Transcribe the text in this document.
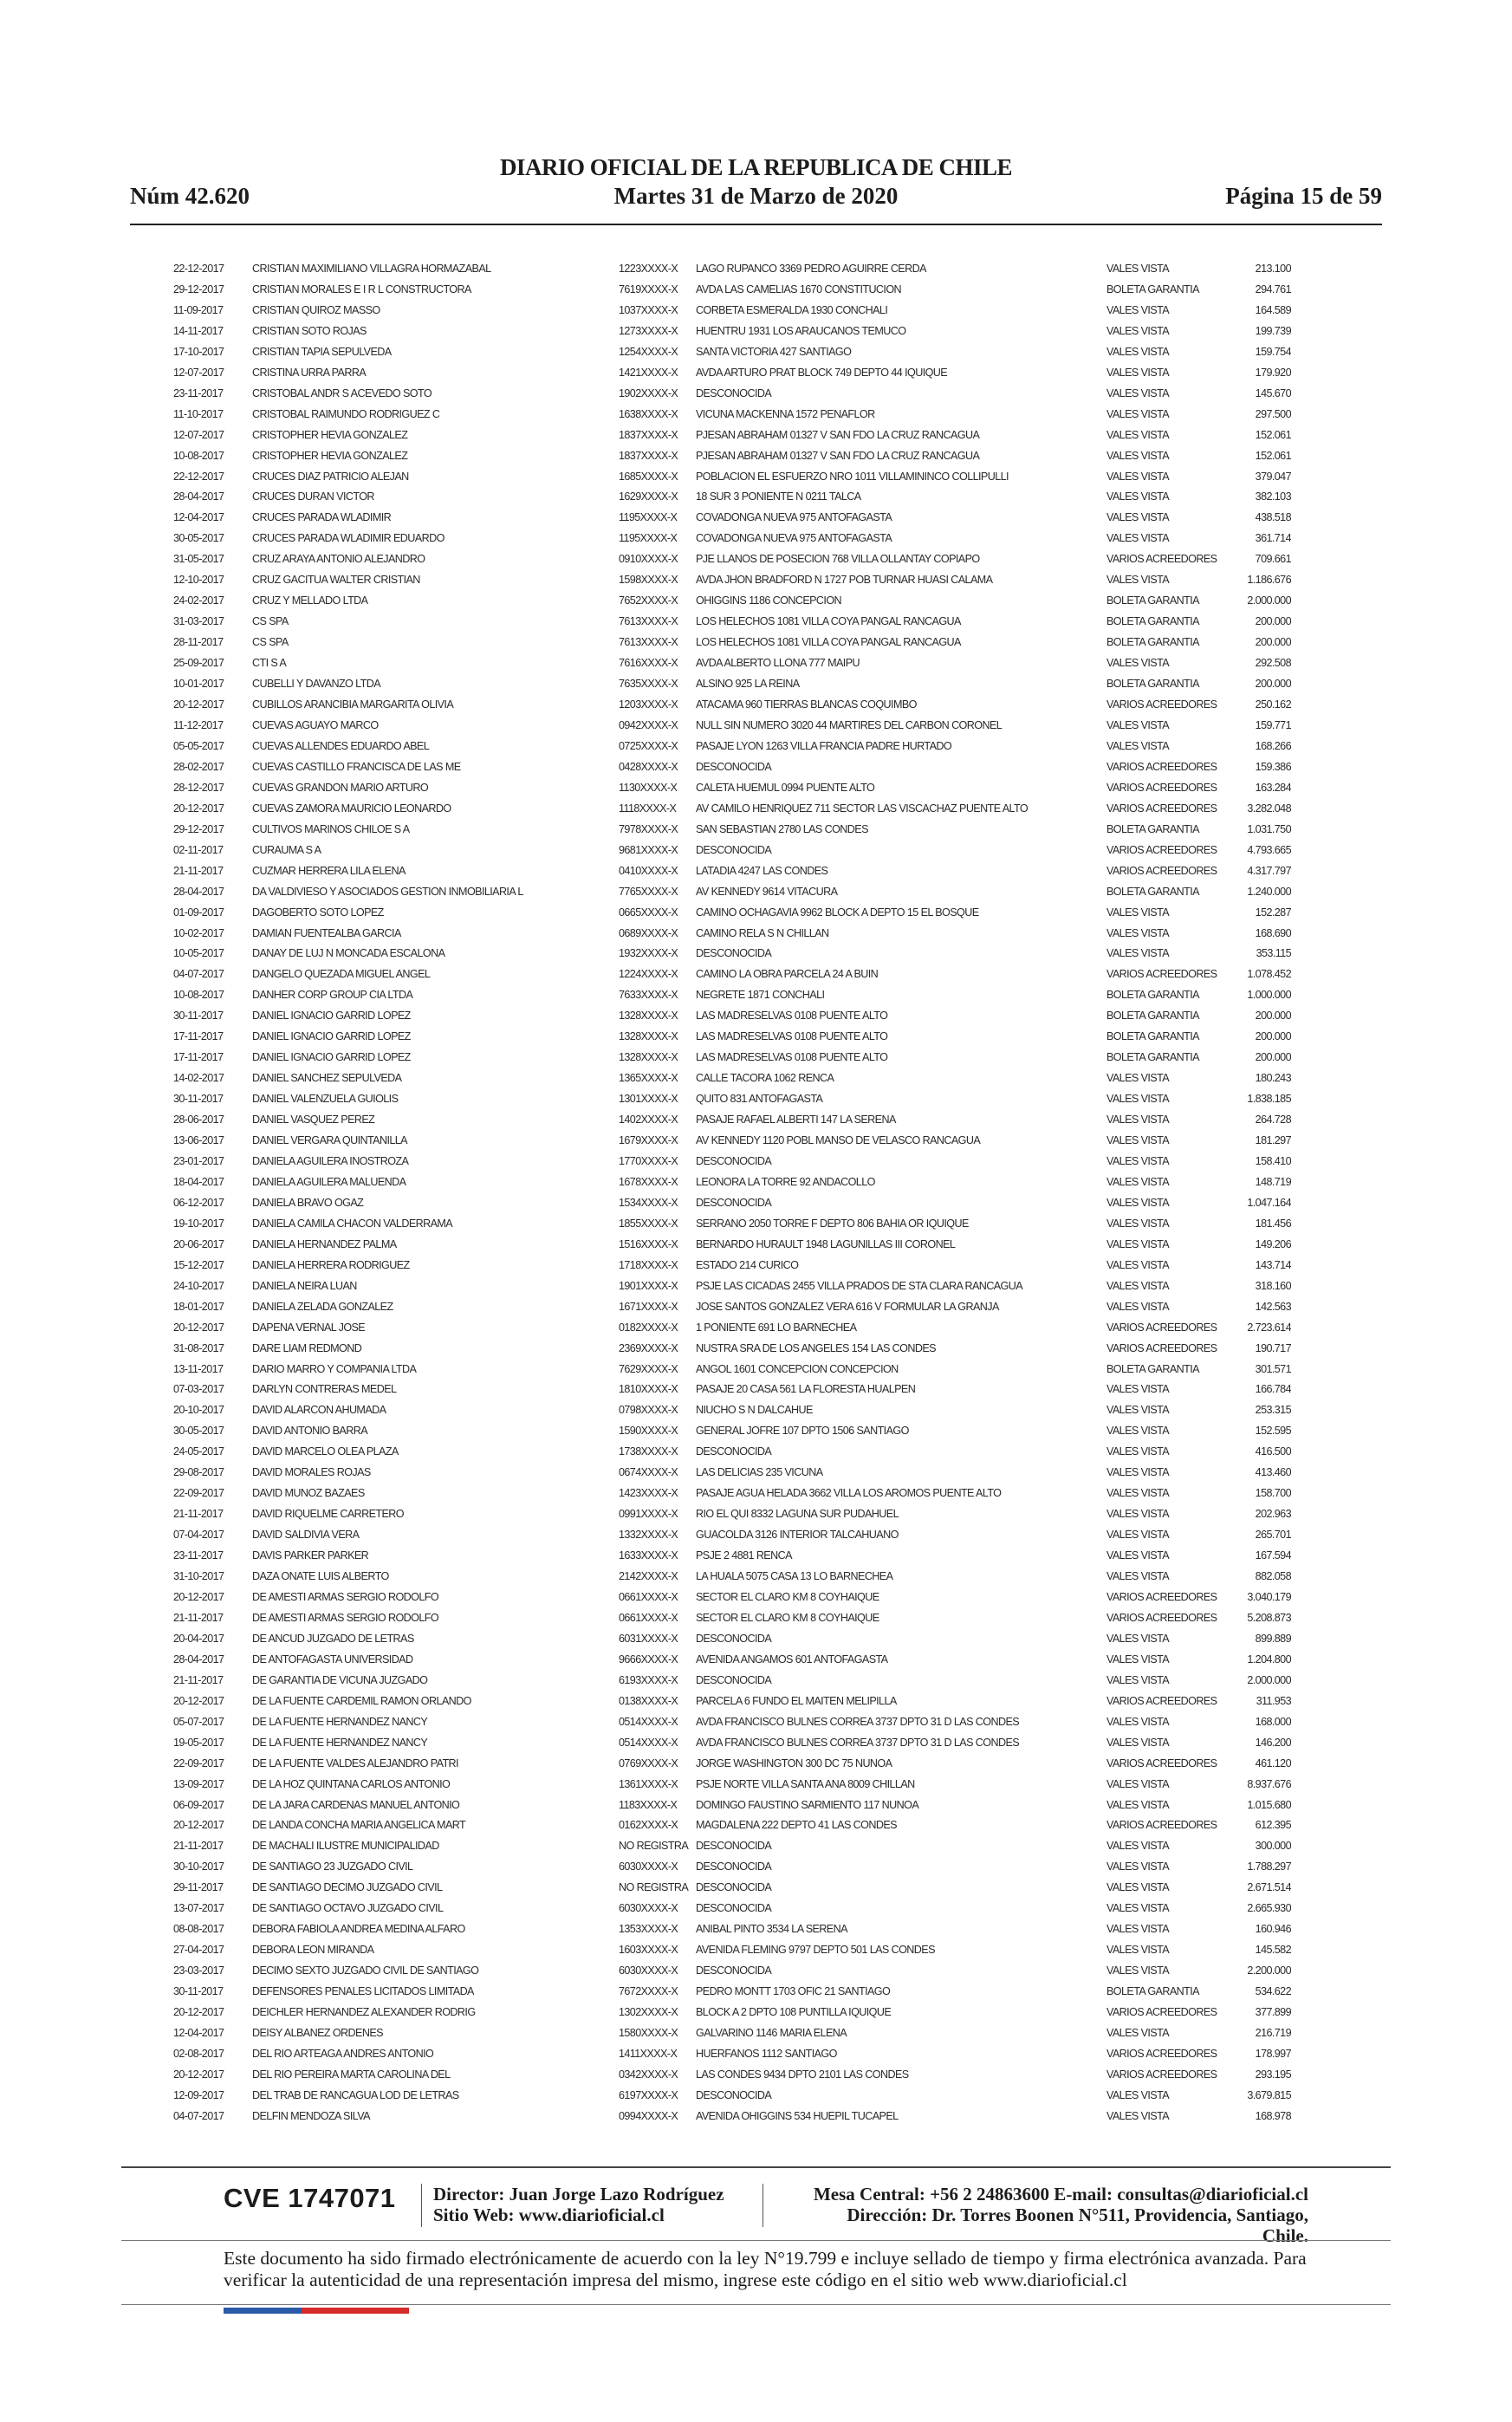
DIARIO OFICIAL DE LA REPUBLICA DE CHILE
Núm 42.620	Martes 31 de Marzo de 2020	Página 15 de 59
22-12-2017	CRISTIAN MAXIMILIANO VILLAGRA HORMAZABAL	1223XXXX-X	LAGO RUPANCO 3369 PEDRO AGUIRRE CERDA	VALES VISTA	213.100
29-12-2017	CRISTIAN MORALES E I R L CONSTRUCTORA	7619XXXX-X	AVDA LAS CAMELIAS 1670 CONSTITUCION	BOLETA GARANTIA	294.761
11-09-2017	CRISTIAN QUIROZ MASSO	1037XXXX-X	CORBETA ESMERALDA 1930 CONCHALI	VALES VISTA	164.589
14-11-2017	CRISTIAN SOTO ROJAS	1273XXXX-X	HUENTRU 1931 LOS ARAUCANOS TEMUCO	VALES VISTA	199.739
17-10-2017	CRISTIAN TAPIA SEPULVEDA	1254XXXX-X	SANTA VICTORIA 427 SANTIAGO	VALES VISTA	159.754
12-07-2017	CRISTINA URRA PARRA	1421XXXX-X	AVDA ARTURO PRAT BLOCK 749 DEPTO 44 IQUIQUE	VALES VISTA	179.920
23-11-2017	CRISTOBAL ANDR S ACEVEDO SOTO	1902XXXX-X	DESCONOCIDA	VALES VISTA	145.670
11-10-2017	CRISTOBAL RAIMUNDO RODRIGUEZ C	1638XXXX-X	VICUNA MACKENNA 1572 PENAFLOR	VALES VISTA	297.500
12-07-2017	CRISTOPHER HEVIA GONZALEZ	1837XXXX-X	PJESAN ABRAHAM 01327 V SAN FDO LA CRUZ RANCAGUA	VALES VISTA	152.061
10-08-2017	CRISTOPHER HEVIA GONZALEZ	1837XXXX-X	PJESAN ABRAHAM 01327 V SAN FDO LA CRUZ RANCAGUA	VALES VISTA	152.061
22-12-2017	CRUCES DIAZ PATRICIO ALEJAN	1685XXXX-X	POBLACION EL ESFUERZO NRO 1011 VILLAMININCO COLLIPULLI	VALES VISTA	379.047
28-04-2017	CRUCES DURAN VICTOR	1629XXXX-X	18 SUR 3 PONIENTE N 0211 TALCA	VALES VISTA	382.103
12-04-2017	CRUCES PARADA WLADIMIR	1195XXXX-X	COVADONGA NUEVA 975 ANTOFAGASTA	VALES VISTA	438.518
30-05-2017	CRUCES PARADA WLADIMIR EDUARDO	1195XXXX-X	COVADONGA NUEVA 975 ANTOFAGASTA	VALES VISTA	361.714
31-05-2017	CRUZ ARAYA ANTONIO ALEJANDRO	0910XXXX-X	PJE LLANOS DE POSECION 768 VILLA OLLANTAY COPIAPO	VARIOS ACREEDORES	709.661
12-10-2017	CRUZ GACITUA WALTER CRISTIAN	1598XXXX-X	AVDA JHON BRADFORD N 1727 POB TURNAR HUASI CALAMA	VALES VISTA	1.186.676
24-02-2017	CRUZ Y MELLADO LTDA	7652XXXX-X	OHIGGINS 1186 CONCEPCION	BOLETA GARANTIA	2.000.000
31-03-2017	CS SPA	7613XXXX-X	LOS HELECHOS 1081 VILLA COYA PANGAL RANCAGUA	BOLETA GARANTIA	200.000
28-11-2017	CS SPA	7613XXXX-X	LOS HELECHOS 1081 VILLA COYA PANGAL RANCAGUA	BOLETA GARANTIA	200.000
25-09-2017	CTI S A	7616XXXX-X	AVDA ALBERTO LLONA 777 MAIPU	VALES VISTA	292.508
10-01-2017	CUBELLI Y DAVANZO LTDA	7635XXXX-X	ALSINO 925 LA REINA	BOLETA GARANTIA	200.000
20-12-2017	CUBILLOS ARANCIBIA MARGARITA OLIVIA	1203XXXX-X	ATACAMA 960 TIERRAS BLANCAS COQUIMBO	VARIOS ACREEDORES	250.162
11-12-2017	CUEVAS AGUAYO MARCO	0942XXXX-X	NULL SIN NUMERO 3020 44 MARTIRES DEL CARBON CORONEL	VALES VISTA	159.771
05-05-2017	CUEVAS ALLENDES EDUARDO ABEL	0725XXXX-X	PASAJE LYON 1263 VILLA FRANCIA PADRE HURTADO	VALES VISTA	168.266
28-02-2017	CUEVAS CASTILLO FRANCISCA DE LAS ME	0428XXXX-X	DESCONOCIDA	VARIOS ACREEDORES	159.386
28-12-2017	CUEVAS GRANDON MARIO ARTURO	1130XXXX-X	CALETA HUEMUL 0994 PUENTE ALTO	VARIOS ACREEDORES	163.284
20-12-2017	CUEVAS ZAMORA MAURICIO LEONARDO	1118XXXX-X	AV CAMILO HENRIQUEZ 711 SECTOR LAS VISCACHAZ PUENTE ALTO	VARIOS ACREEDORES	3.282.048
29-12-2017	CULTIVOS MARINOS CHILOE S A	7978XXXX-X	SAN SEBASTIAN 2780 LAS CONDES	BOLETA GARANTIA	1.031.750
02-11-2017	CURAUMA S A	9681XXXX-X	DESCONOCIDA	VARIOS ACREEDORES	4.793.665
21-11-2017	CUZMAR HERRERA LILA ELENA	0410XXXX-X	LATADIA 4247 LAS CONDES	VARIOS ACREEDORES	4.317.797
28-04-2017	DA VALDIVIESO Y ASOCIADOS GESTION INMOBILIARIA L	7765XXXX-X	AV KENNEDY 9614 VITACURA	BOLETA GARANTIA	1.240.000
01-09-2017	DAGOBERTO SOTO LOPEZ	0665XXXX-X	CAMINO OCHAGAVIA 9962 BLOCK A DEPTO 15 EL BOSQUE	VALES VISTA	152.287
10-02-2017	DAMIAN FUENTEALBA GARCIA	0689XXXX-X	CAMINO RELA S N CHILLAN	VALES VISTA	168.690
10-05-2017	DANAY DE LUJ N MONCADA ESCALONA	1932XXXX-X	DESCONOCIDA	VALES VISTA	353.115
04-07-2017	DANGELO QUEZADA MIGUEL ANGEL	1224XXXX-X	CAMINO LA OBRA PARCELA 24 A BUIN	VARIOS ACREEDORES	1.078.452
10-08-2017	DANHER CORP GROUP CIA LTDA	7633XXXX-X	NEGRETE 1871 CONCHALI	BOLETA GARANTIA	1.000.000
30-11-2017	DANIEL IGNACIO GARRID LOPEZ	1328XXXX-X	LAS MADRESELVAS 0108 PUENTE ALTO	BOLETA GARANTIA	200.000
17-11-2017	DANIEL IGNACIO GARRID LOPEZ	1328XXXX-X	LAS MADRESELVAS 0108 PUENTE ALTO	BOLETA GARANTIA	200.000
17-11-2017	DANIEL IGNACIO GARRID LOPEZ	1328XXXX-X	LAS MADRESELVAS 0108 PUENTE ALTO	BOLETA GARANTIA	200.000
14-02-2017	DANIEL SANCHEZ SEPULVEDA	1365XXXX-X	CALLE TACORA 1062 RENCA	VALES VISTA	180.243
30-11-2017	DANIEL VALENZUELA GUIOLIS	1301XXXX-X	QUITO 831 ANTOFAGASTA	VALES VISTA	1.838.185
28-06-2017	DANIEL VASQUEZ PEREZ	1402XXXX-X	PASAJE RAFAEL ALBERTI 147 LA SERENA	VALES VISTA	264.728
13-06-2017	DANIEL VERGARA QUINTANILLA	1679XXXX-X	AV KENNEDY 1120 POBL MANSO DE VELASCO RANCAGUA	VALES VISTA	181.297
23-01-2017	DANIELA AGUILERA INOSTROZA	1770XXXX-X	DESCONOCIDA	VALES VISTA	158.410
18-04-2017	DANIELA AGUILERA MALUENDA	1678XXXX-X	LEONORA LA TORRE 92 ANDACOLLO	VALES VISTA	148.719
06-12-2017	DANIELA BRAVO OGAZ	1534XXXX-X	DESCONOCIDA	VALES VISTA	1.047.164
19-10-2017	DANIELA CAMILA CHACON VALDERRAMA	1855XXXX-X	SERRANO 2050 TORRE F DEPTO 806 BAHIA OR IQUIQUE	VALES VISTA	181.456
20-06-2017	DANIELA HERNANDEZ PALMA	1516XXXX-X	BERNARDO HURAULT 1948 LAGUNILLAS III CORONEL	VALES VISTA	149.206
15-12-2017	DANIELA HERRERA RODRIGUEZ	1718XXXX-X	ESTADO 214 CURICO	VALES VISTA	143.714
24-10-2017	DANIELA NEIRA LUAN	1901XXXX-X	PSJE LAS CICADAS 2455 VILLA PRADOS DE STA CLARA RANCAGUA	VALES VISTA	318.160
18-01-2017	DANIELA ZELADA GONZALEZ	1671XXXX-X	JOSE SANTOS GONZALEZ VERA 616 V FORMULAR LA GRANJA	VALES VISTA	142.563
20-12-2017	DAPENA VERNAL JOSE	0182XXXX-X	1 PONIENTE 691 LO BARNECHEA	VARIOS ACREEDORES	2.723.614
31-08-2017	DARE LIAM REDMOND	2369XXXX-X	NUSTRA SRA DE LOS ANGELES 154 LAS CONDES	VARIOS ACREEDORES	190.717
13-11-2017	DARIO MARRO Y COMPANIA LTDA	7629XXXX-X	ANGOL 1601 CONCEPCION CONCEPCION	BOLETA GARANTIA	301.571
07-03-2017	DARLYN CONTRERAS MEDEL	1810XXXX-X	PASAJE 20 CASA 561 LA FLORESTA HUALPEN	VALES VISTA	166.784
20-10-2017	DAVID ALARCON AHUMADA	0798XXXX-X	NIUCHO S N DALCAHUE	VALES VISTA	253.315
30-05-2017	DAVID ANTONIO BARRA	1590XXXX-X	GENERAL JOFRE 107 DPTO 1506 SANTIAGO	VALES VISTA	152.595
24-05-2017	DAVID MARCELO OLEA PLAZA	1738XXXX-X	DESCONOCIDA	VALES VISTA	416.500
29-08-2017	DAVID MORALES ROJAS	0674XXXX-X	LAS DELICIAS 235 VICUNA	VALES VISTA	413.460
22-09-2017	DAVID MUNOZ BAZAES	1423XXXX-X	PASAJE AGUA HELADA 3662 VILLA LOS AROMOS PUENTE ALTO	VALES VISTA	158.700
21-11-2017	DAVID RIQUELME CARRETERO	0991XXXX-X	RIO EL QUI 8332 LAGUNA SUR PUDAHUEL	VALES VISTA	202.963
07-04-2017	DAVID SALDIVIA VERA	1332XXXX-X	GUACOLDA 3126 INTERIOR TALCAHUANO	VALES VISTA	265.701
23-11-2017	DAVIS PARKER PARKER	1633XXXX-X	PSJE 2 4881 RENCA	VALES VISTA	167.594
31-10-2017	DAZA ONATE LUIS ALBERTO	2142XXXX-X	LA HUALA 5075 CASA 13 LO BARNECHEA	VALES VISTA	882.058
20-12-2017	DE AMESTI ARMAS SERGIO RODOLFO	0661XXXX-X	SECTOR EL CLARO KM 8 COYHAIQUE	VARIOS ACREEDORES	3.040.179
21-11-2017	DE AMESTI ARMAS SERGIO RODOLFO	0661XXXX-X	SECTOR EL CLARO KM 8 COYHAIQUE	VARIOS ACREEDORES	5.208.873
20-04-2017	DE ANCUD JUZGADO DE LETRAS	6031XXXX-X	DESCONOCIDA	VALES VISTA	899.889
28-04-2017	DE ANTOFAGASTA UNIVERSIDAD	9666XXXX-X	AVENIDA ANGAMOS 601 ANTOFAGASTA	VALES VISTA	1.204.800
21-11-2017	DE GARANTIA DE VICUNA JUZGADO	6193XXXX-X	DESCONOCIDA	VALES VISTA	2.000.000
20-12-2017	DE LA FUENTE CARDEMIL RAMON ORLANDO	0138XXXX-X	PARCELA 6 FUNDO EL MAITEN MELIPILLA	VARIOS ACREEDORES	311.953
05-07-2017	DE LA FUENTE HERNANDEZ NANCY	0514XXXX-X	AVDA FRANCISCO BULNES CORREA 3737 DPTO 31 D LAS CONDES	VALES VISTA	168.000
19-05-2017	DE LA FUENTE HERNANDEZ NANCY	0514XXXX-X	AVDA FRANCISCO BULNES CORREA 3737 DPTO 31 D LAS CONDES	VALES VISTA	146.200
22-09-2017	DE LA FUENTE VALDES ALEJANDRO PATRI	0769XXXX-X	JORGE WASHINGTON 300 DC 75 NUNOA	VARIOS ACREEDORES	461.120
13-09-2017	DE LA HOZ QUINTANA CARLOS ANTONIO	1361XXXX-X	PSJE NORTE VILLA SANTA ANA 8009 CHILLAN	VALES VISTA	8.937.676
06-09-2017	DE LA JARA CARDENAS MANUEL ANTONIO	1183XXXX-X	DOMINGO FAUSTINO SARMIENTO 117 NUNOA	VALES VISTA	1.015.680
20-12-2017	DE LANDA CONCHA MARIA ANGELICA MART	0162XXXX-X	MAGDALENA 222 DEPTO 41 LAS CONDES	VARIOS ACREEDORES	612.395
21-11-2017	DE MACHALI ILUSTRE MUNICIPALIDAD	NO REGISTRA DESCONOCIDA	VALES VISTA	300.000
30-10-2017	DE SANTIAGO 23 JUZGADO CIVIL	6030XXXX-X	DESCONOCIDA	VALES VISTA	1.788.297
29-11-2017	DE SANTIAGO DECIMO JUZGADO CIVIL	NO REGISTRA DESCONOCIDA	VALES VISTA	2.671.514
13-07-2017	DE SANTIAGO OCTAVO JUZGADO CIVIL	6030XXXX-X	DESCONOCIDA	VALES VISTA	2.665.930
08-08-2017	DEBORA FABIOLA ANDREA MEDINA ALFARO	1353XXXX-X	ANIBAL PINTO 3534 LA SERENA	VALES VISTA	160.946
27-04-2017	DEBORA LEON MIRANDA	1603XXXX-X	AVENIDA FLEMING 9797 DEPTO 501 LAS CONDES	VALES VISTA	145.582
23-03-2017	DECIMO SEXTO JUZGADO CIVIL DE SANTIAGO	6030XXXX-X	DESCONOCIDA	VALES VISTA	2.200.000
30-11-2017	DEFENSORES PENALES LICITADOS LIMITADA	7672XXXX-X	PEDRO MONTT 1703 OFIC 21 SANTIAGO	BOLETA GARANTIA	534.622
20-12-2017	DEICHLER HERNANDEZ ALEXANDER RODRIG	1302XXXX-X	BLOCK A 2 DPTO 108 PUNTILLA IQUIQUE	VARIOS ACREEDORES	377.899
12-04-2017	DEISY ALBANEZ ORDENES	1580XXXX-X	GALVARINO 1146 MARIA ELENA	VALES VISTA	216.719
02-08-2017	DEL RIO ARTEAGA ANDRES ANTONIO	1411XXXX-X	HUERFANOS 1112 SANTIAGO	VARIOS ACREEDORES	178.997
20-12-2017	DEL RIO PEREIRA MARTA CAROLINA DEL	0342XXXX-X	LAS CONDES 9434 DPTO 2101 LAS CONDES	VARIOS ACREEDORES	293.195
12-09-2017	DEL TRAB DE RANCAGUA LOD DE LETRAS	6197XXXX-X	DESCONOCIDA	VALES VISTA	3.679.815
04-07-2017	DELFIN MENDOZA SILVA	0994XXXX-X	AVENIDA OHIGGINS 534 HUEPIL TUCAPEL	VALES VISTA	168.978
CVE 1747071 Director: Juan Jorge Lazo Rodríguez
Sitio Web: www.diarioficial.cl
Mesa Central: +56 2 24863600 E-mail: consultas@diarioficial.cl
Dirección: Dr. Torres Boonen N°511, Providencia, Santiago, Chile.
Este documento ha sido firmado electrónicamente de acuerdo con la ley N°19.799 e incluye sellado de tiempo y firma electrónica avanzada. Para verificar la autenticidad de una representación impresa del mismo, ingrese este código en el sitio web www.diarioficial.cl
